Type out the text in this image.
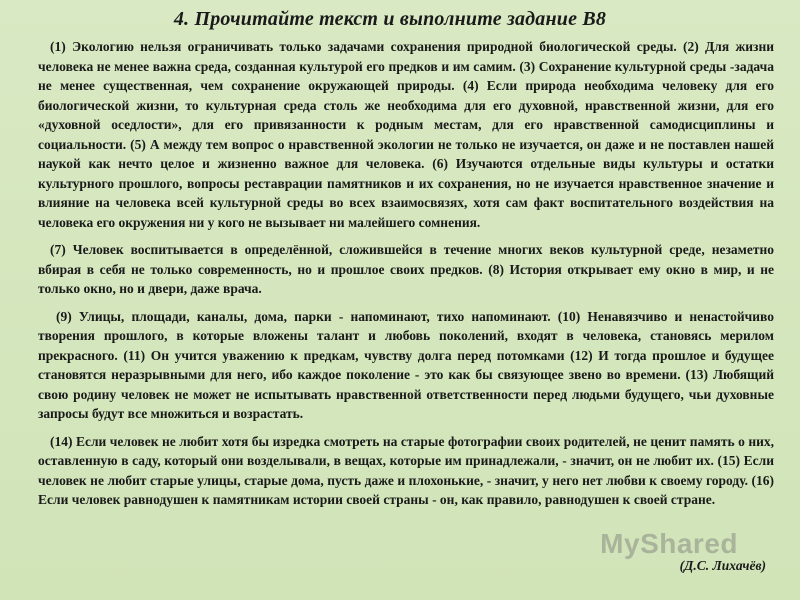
4. Прочитайте текст и выполните задание В8

(1) Экологию нельзя ограничивать только задачами сохранения природной биологической среды. (2) Для жизни человека не менее важна среда, созданная культурой его предков и им самим. (3) Сохранение культурной среды -задача не менее существенная, чем сохранение окружающей природы. (4) Если природа необходима человеку для его биологической жизни, то культурная среда столь же необходима для его духовной, нравственной жизни, для его «духовной оседлости», для его привязанности к родным местам, для его нравственной самодисциплины и социальности. (5) А между тем вопрос о нравственной экологии не только не изучается, он даже и не поставлен нашей наукой как нечто целое и жизненно важное для человека. (6) Изучаются отдельные виды культуры и остатки культурного прошлого, вопросы реставрации памятников и их сохранения, но не изучается нравственное значение и влияние на человека всей культурной среды во всех взаимосвязях, хотя сам факт воспитательного воздействия на человека его окружения ни у кого не вызывает ни малейшего сомнения.

(7) Человек воспитывается в определённой, сложившейся в течение многих веков культурной среде, незаметно вбирая в себя не только современность, но и прошлое своих предков. (8) История открывает ему окно в мир, и не только окно, но и двери, даже врача.

(9) Улицы, площади, каналы, дома, парки - напоминают, тихо напоминают. (10) Ненавязчиво и ненастойчиво творения прошлого, в которые вложены талант и любовь поколений, входят в человека, становясь мерилом прекрасного. (11) Он учится уважению к предкам, чувству долга перед потомками (12) И тогда прошлое и будущее становятся неразрывными для него, ибо каждое поколение - это как бы связующее звено во времени. (13) Любящий свою родину человек не может не испытывать нравственной ответственности перед людьми будущего, чьи духовные запросы будут все множиться и возрастать.

(14) Если человек не любит хотя бы изредка смотреть на старые фотографии своих родителей, не ценит память о них, оставленную в саду, который они возделывали, в вещах, которые им принадлежали, - значит, он не любит их. (15) Если человек не любит старые улицы, старые дома, пусть даже и плохонькие, - значит, у него нет любви к своему городу. (16) Если человек равнодушен к памятникам истории своей страны - он, как правило, равнодушен к своей стране.

MyShared
(Д.С. Лихачёв)
